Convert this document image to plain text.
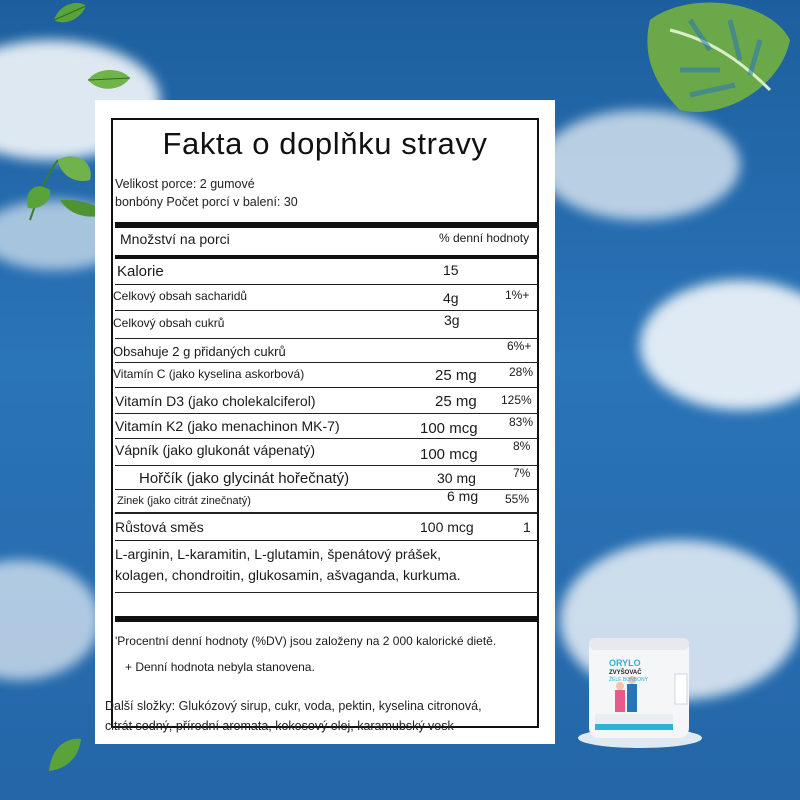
Fakta o doplňku stravy
Velikost porce: 2 gumové
bonbóny Počet porcí v balení: 30
Množství na porci	% denní hodnoty
Kalorie	15
Celkový obsah sacharidů	4g	1%+
Celkový obsah cukrů	3g
Obsahuje 2 g přidaných cukrů	6%+
Vitamín C (jako kyselina askorbová)	25 mg	28%
Vitamín D3 (jako cholekalciferol)	25 mg 125%
Vitamín K2 (jako menachinon MK-7)	100 mcg	83%
Vápník (jako glukonát vápenatý)	100 mcg	8%
Hořčík (jako glycinát hořečnatý)	30 mg	7%
Zinek (jako citrát zinečnatý)	6 mg 55%
Růstová směs	100 mcg	1
L-arginin, L-karamitin, L-glutamin, špenátový prášek,
kolagen, chondroitin, glukosamin, ašvaganda, kurkuma.
'Procentní denní hodnoty (%DV) jsou založeny na 2 000 kalorické dietě.
+ Denní hodnota nebyla stanovena.
Další složky: Glukózový sirup, cukr, voda, pektin, kyselina citronová,
citrát sodný, přírodní aromata, kokosový olej, karamubský vosk
ORYLO
ZVYŠOVAČ
ŽELÉ BONBONY
